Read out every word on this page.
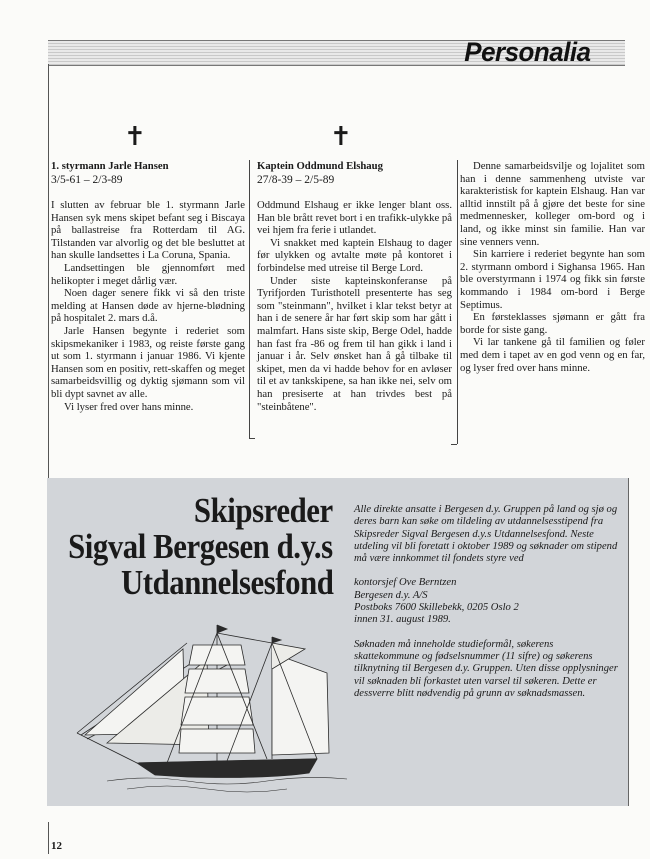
Personalia
✝	✝
1. styrmann Jarle Hansen
3/5-61 – 2/3-89

I slutten av februar ble 1. styrmann Jarle Hansen syk mens skipet befant seg i Biscaya på ballastreise fra Rotterdam til AG. Tilstanden var alvorlig og det ble besluttet at han skulle landsettes i La Coruna, Spania.

Landsettingen ble gjennomført med helikopter i meget dårlig vær.

Noen dager senere fikk vi så den triste melding at Hansen døde av hjerne-blødning på hospitalet 2. mars d.å.

Jarle Hansen begynte i rederiet som skipsmekaniker i 1983, og reiste første gang ut som 1. styrmann i januar 1986. Vi kjente Hansen som en positiv, rett-skaffen og meget samarbeidsvillig og dyktig sjømann som vil bli dypt savnet av alle.

Vi lyser fred over hans minne.

Kaptein Oddmund Elshaug
27/8-39 – 2/5-89

Oddmund Elshaug er ikke lenger blant oss. Han ble brått revet bort i en trafikk-ulykke på vei hjem fra ferie i utlandet.

Vi snakket med kaptein Elshaug to dager før ulykken og avtalte møte på kontoret i forbindelse med utreise til Berge Lord.

Under siste kapteinskonferanse på Tyrifjorden Turisthotell presenterte has seg som "steinmann", hvilket i klar tekst betyr at han i de senere år har ført skip som har gått i malmfart. Hans siste skip, Berge Odel, hadde han fast fra -86 og frem til han gikk i land i januar i år. Selv ønsket han å gå tilbake til skipet, men da vi hadde behov for en avløser til et av tankskipene, sa han ikke nei, selv om han presiserte at han trivdes best på "steinbåtene".

Denne samarbeidsvilje og lojalitet som han i denne sammenheng utviste var karakteristisk for kaptein Elshaug. Han var alltid innstilt på å gjøre det beste for sine medmennesker, kolleger om-bord og i land, og ikke minst sin familie. Han var sine venners venn.

Sin karriere i rederiet begynte han som 2. styrmann ombord i Sighansa 1965. Han ble overstyrmann i 1974 og fikk sin første kommando i 1984 om-bord i Berge Septimus.

En førsteklasses sjømann er gått fra borde for siste gang.

Vi lar tankene gå til familien og føler med dem i tapet av en god venn og en far, og lyser fred over hans minne.

Skipsreder
Sigval Bergesen d.y.s
Utdannelsesfond

Alle direkte ansatte i Bergesen d.y. Gruppen på land og sjø og deres barn kan søke om tildeling av utdannelsesstipend fra Skipsreder Sigval Bergesen d.y.s Utdannelsesfond. Neste utdeling vil bli foretatt i oktober 1989 og søknader om stipend må være innkommet til fondets styre ved

kontorsjef Ove Berntzen

Bergesen d.y. A/S

Postboks 7600 Skillebekk, 0205 Oslo 2

innen 31. august 1989.

Søknaden må inneholde studieformål, søkerens skattekommune og fødselsnummer (11 sifre) og søkerens tilknytning til Bergesen d.y. Gruppen. Uten disse opplysninger vil søknaden bli forkastet uten varsel til søkeren. Dette er dessverre blitt nødvendig på grunn av søknadsmassen.

12
